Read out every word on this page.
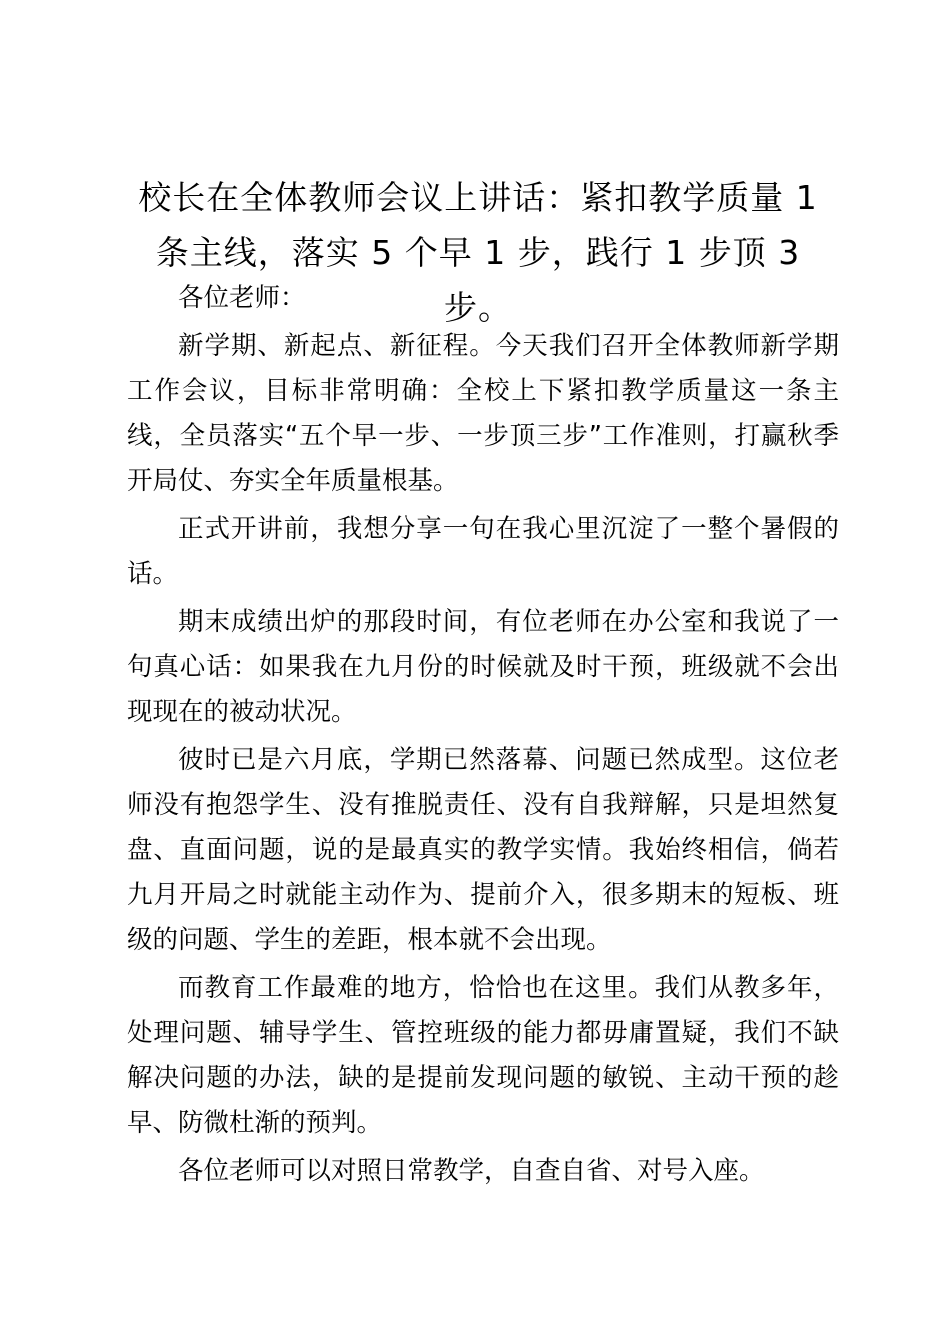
校长在全体教师会议上讲话：紧扣教学质量 1 条主线，落实 5 个早 1 步，践行 1 步顶 3 步。

各位老师：

新学期、新起点、新征程。今天我们召开全体教师新学期工作会议，目标非常明确：全校上下紧扣教学质量这一条主线，全员落实“五个早一步、一步顶三步”工作准则，打赢秋季开局仗、夯实全年质量根基。

正式开讲前，我想分享一句在我心里沉淀了一整个暑假的话。

期末成绩出炉的那段时间，有位老师在办公室和我说了一句真心话：如果我在九月份的时候就及时干预，班级就不会出现现在的被动状况。

彼时已是六月底，学期已然落幕、问题已然成型。这位老师没有抱怨学生、没有推脱责任、没有自我辩解，只是坦然复盘、直面问题，说的是最真实的教学实情。我始终相信，倘若九月开局之时就能主动作为、提前介入，很多期末的短板、班级的问题、学生的差距，根本就不会出现。

而教育工作最难的地方，恰恰也在这里。我们从教多年，处理问题、辅导学生、管控班级的能力都毋庸置疑，我们不缺解决问题的办法，缺的是提前发现问题的敏锐、主动干预的趁早、防微杜渐的预判。

各位老师可以对照日常教学，自查自省、对号入座。
